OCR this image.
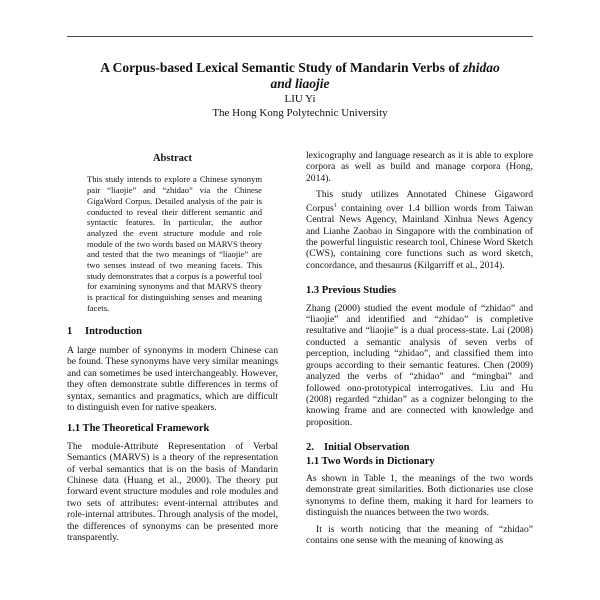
A Corpus-based Lexical Semantic Study of Mandarin Verbs of zhidao
and liaojie
LIU Yi
The Hong Kong Polytechnic University
Abstract

This study intends to explore a Chinese synonym pair “liaojie” and “zhidao” via the Chinese GigaWord Corpus. Detailed analysis of the pair is conducted to reveal their different semantic and syntactic features. In particular, the author analyzed the event structure module and role module of the two words based on MARVS theory and tested that the two meanings of “liaojie” are two senses instead of two meaning facets. This study demonstrates that a corpus is a powerful tool for examining synonyms and that MARVS theory is practical for distinguishing senses and meaning facets.

1 Introduction

A large number of synonyms in modern Chinese can be found. These synonyms have very similar meanings and can sometimes be used interchangeably. However, they often demonstrate subtle differences in terms of syntax, semantics and pragmatics, which are difficult to distinguish even for native speakers.

1.1 The Theoretical Framework

The module-Attribute Representation of Verbal Semantics (MARVS) is a theory of the representation of verbal semantics that is on the basis of Mandarin Chinese data (Huang et al., 2000). The theory put forward event structure modules and role modules and two sets of attributes: event-internal attributes and role-internal attributes. Through analysis of the model, the differences of synonyms can be presented more transparently.

lexicography and language research as it is able to explore corpora as well as build and manage corpora (Hong, 2014).

This study utilizes Annotated Chinese Gigaword Corpus$^1$ containing over 1.4 billion words from Taiwan Central News Agency, Mainland Xinhua News Agency and Lianhe Zaobao in Singapore with the combination of the powerful linguistic research tool, Chinese Word Sketch (CWS), containing core functions such as word sketch, concordance, and thesaurus (Kilgarriff et al., 2014).

1.3 Previous Studies

Zhang (2000) studied the event module of “zhidao” and “liaojie” and identified and “zhidao” is completive resultative and “liaojie” is a dual process-state. Lai (2008) conducted a semantic analysis of seven verbs of perception, including “zhidao”, and classified them into groups according to their semantic features. Chen (2009) analyzed the verbs of “zhidao” and “mingbai” and followed ono-prototypical interrogatives. Liu and Hu (2008) regarded “zhidao” as a cognizer belonging to the knowing frame and are connected with knowledge and proposition.

2. Initial Observation
1.1 Two Words in Dictionary

As shown in Table 1, the meanings of the two words demonstrate great similarities. Both dictionaries use close synonyms to define them, making it hard for learners to distinguish the nuances between the two words.

It is worth noticing that the meaning of “zhidao” contains one sense with the meaning of knowing as
